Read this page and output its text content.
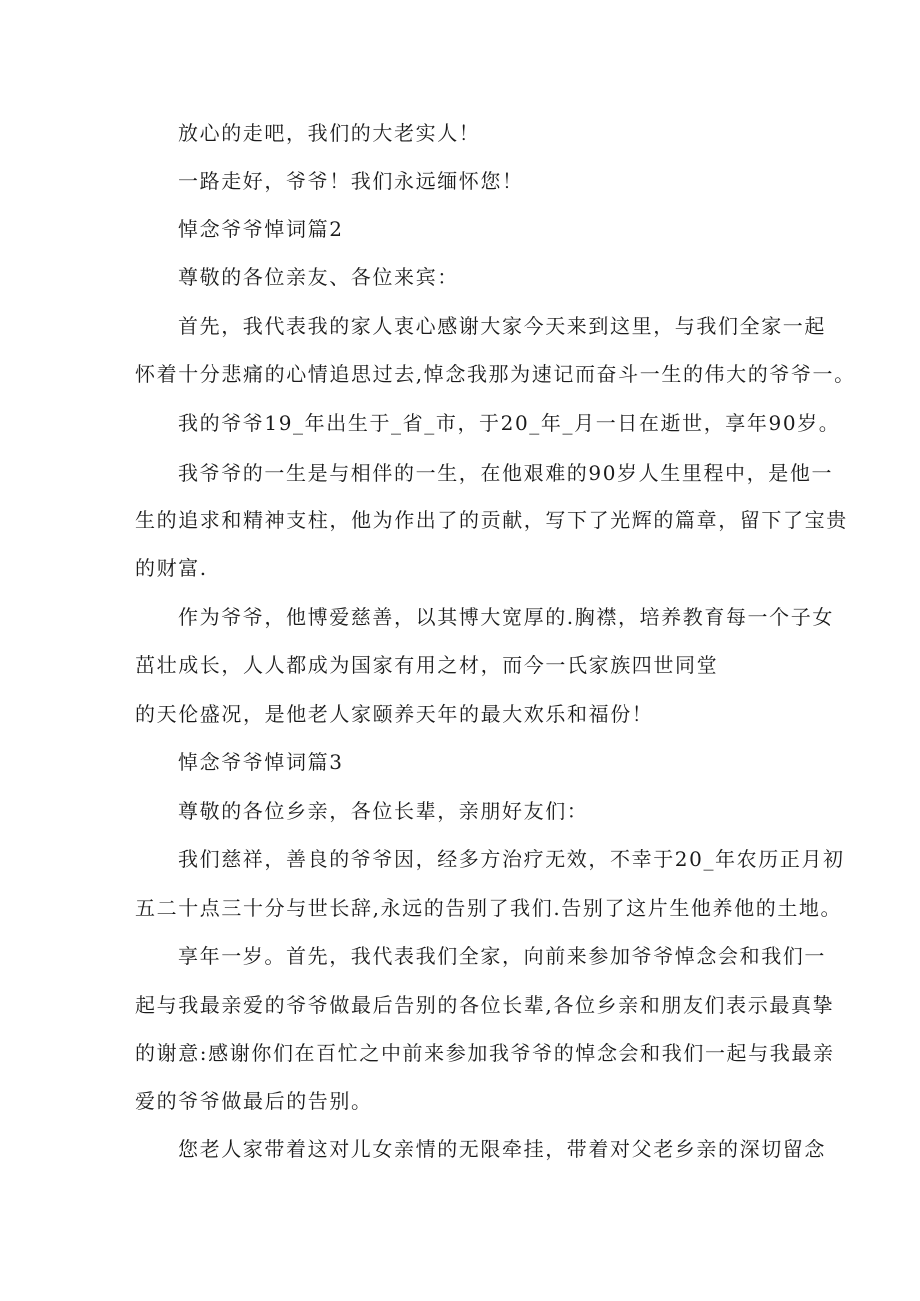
放心的走吧，我们的大老实人！
一路走好，爷爷！我们永远缅怀您！
悼念爷爷悼词篇2
尊敬的各位亲友、各位来宾：
首先，我代表我的家人衷心感谢大家今天来到这里，与我们全家一起
怀着十分悲痛的心情追思过去,悼念我那为速记而奋斗一生的伟大的爷爷一。
我的爷爷19_年出生于_省_市，于20_年_月一日在逝世，享年90岁。
我爷爷的一生是与相伴的一生，在他艰难的90岁人生里程中，是他一
生的追求和精神支柱，他为作出了的贡献，写下了光辉的篇章，留下了宝贵
的财富.
作为爷爷，他博爱慈善，以其博大宽厚的.胸襟，培养教育每一个子女
茁壮成长，人人都成为国家有用之材，而今一氏家族四世同堂
的天伦盛况，是他老人家颐养天年的最大欢乐和福份！
悼念爷爷悼词篇3
尊敬的各位乡亲，各位长辈，亲朋好友们：
我们慈祥，善良的爷爷因，经多方治疗无效，不幸于20_年农历正月初
五二十点三十分与世长辞,永远的告别了我们.告别了这片生他养他的土地。
享年一岁。首先，我代表我们全家，向前来参加爷爷悼念会和我们一
起与我最亲爱的爷爷做最后告别的各位长辈,各位乡亲和朋友们表示最真挚
的谢意:感谢你们在百忙之中前来参加我爷爷的悼念会和我们一起与我最亲
爱的爷爷做最后的告别。
您老人家带着这对儿女亲情的无限牵挂，带着对父老乡亲的深切留念
